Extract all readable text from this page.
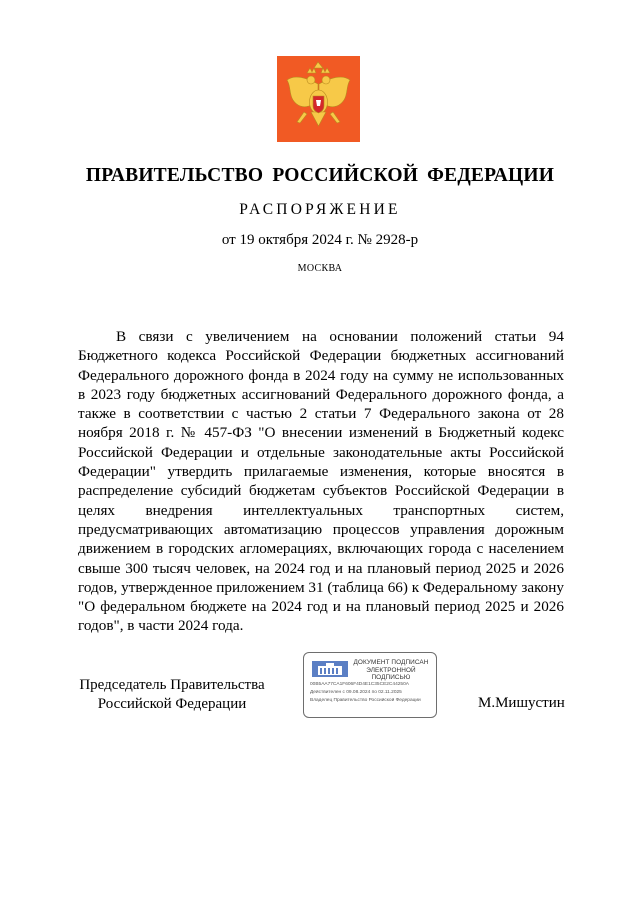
ПРАВИТЕЛЬСТВО РОССИЙСКОЙ ФЕДЕРАЦИИ
РАСПОРЯЖЕНИЕ
от 19 октября 2024 г. № 2928-р
МОСКВА
В связи с увеличением на основании положений статьи 94 Бюджетного кодекса Российской Федерации бюджетных ассигнований Федерального дорожного фонда в 2024 году на сумму не использованных в 2023 году бюджетных ассигнований Федерального дорожного фонда, а также в соответствии с частью 2 статьи 7 Федерального закона от 28 ноября 2018 г. № 457-ФЗ "О внесении изменений в Бюджетный кодекс Российской Федерации и отдельные законодательные акты Российской Федерации" утвердить прилагаемые изменения, которые вносятся в распределение субсидий бюджетам субъектов Российской Федерации в целях внедрения интеллектуальных транспортных систем, предусматривающих автоматизацию процессов управления дорожным движением в городских агломерациях, включающих города с населением свыше 300 тысяч человек, на 2024 год и на плановый период 2025 и 2026 годов, утвержденное приложением 31 (таблица 66) к Федеральному закону "О федеральном бюджете на 2024 год и на плановый период 2025 и 2026 годов", в части 2024 года.
Председатель Правительства Российской Федерации
ДОКУМЕНТ ПОДПИСАН ЭЛЕКТРОННОЙ ПОДПИСЬЮ
00B5AA77CA1F606F4D4E1C35CE2C44250A
Действителен с 09.08.2024 по 02.11.2025
Владелец Правительство Российской Федерации	М.Мишустин
